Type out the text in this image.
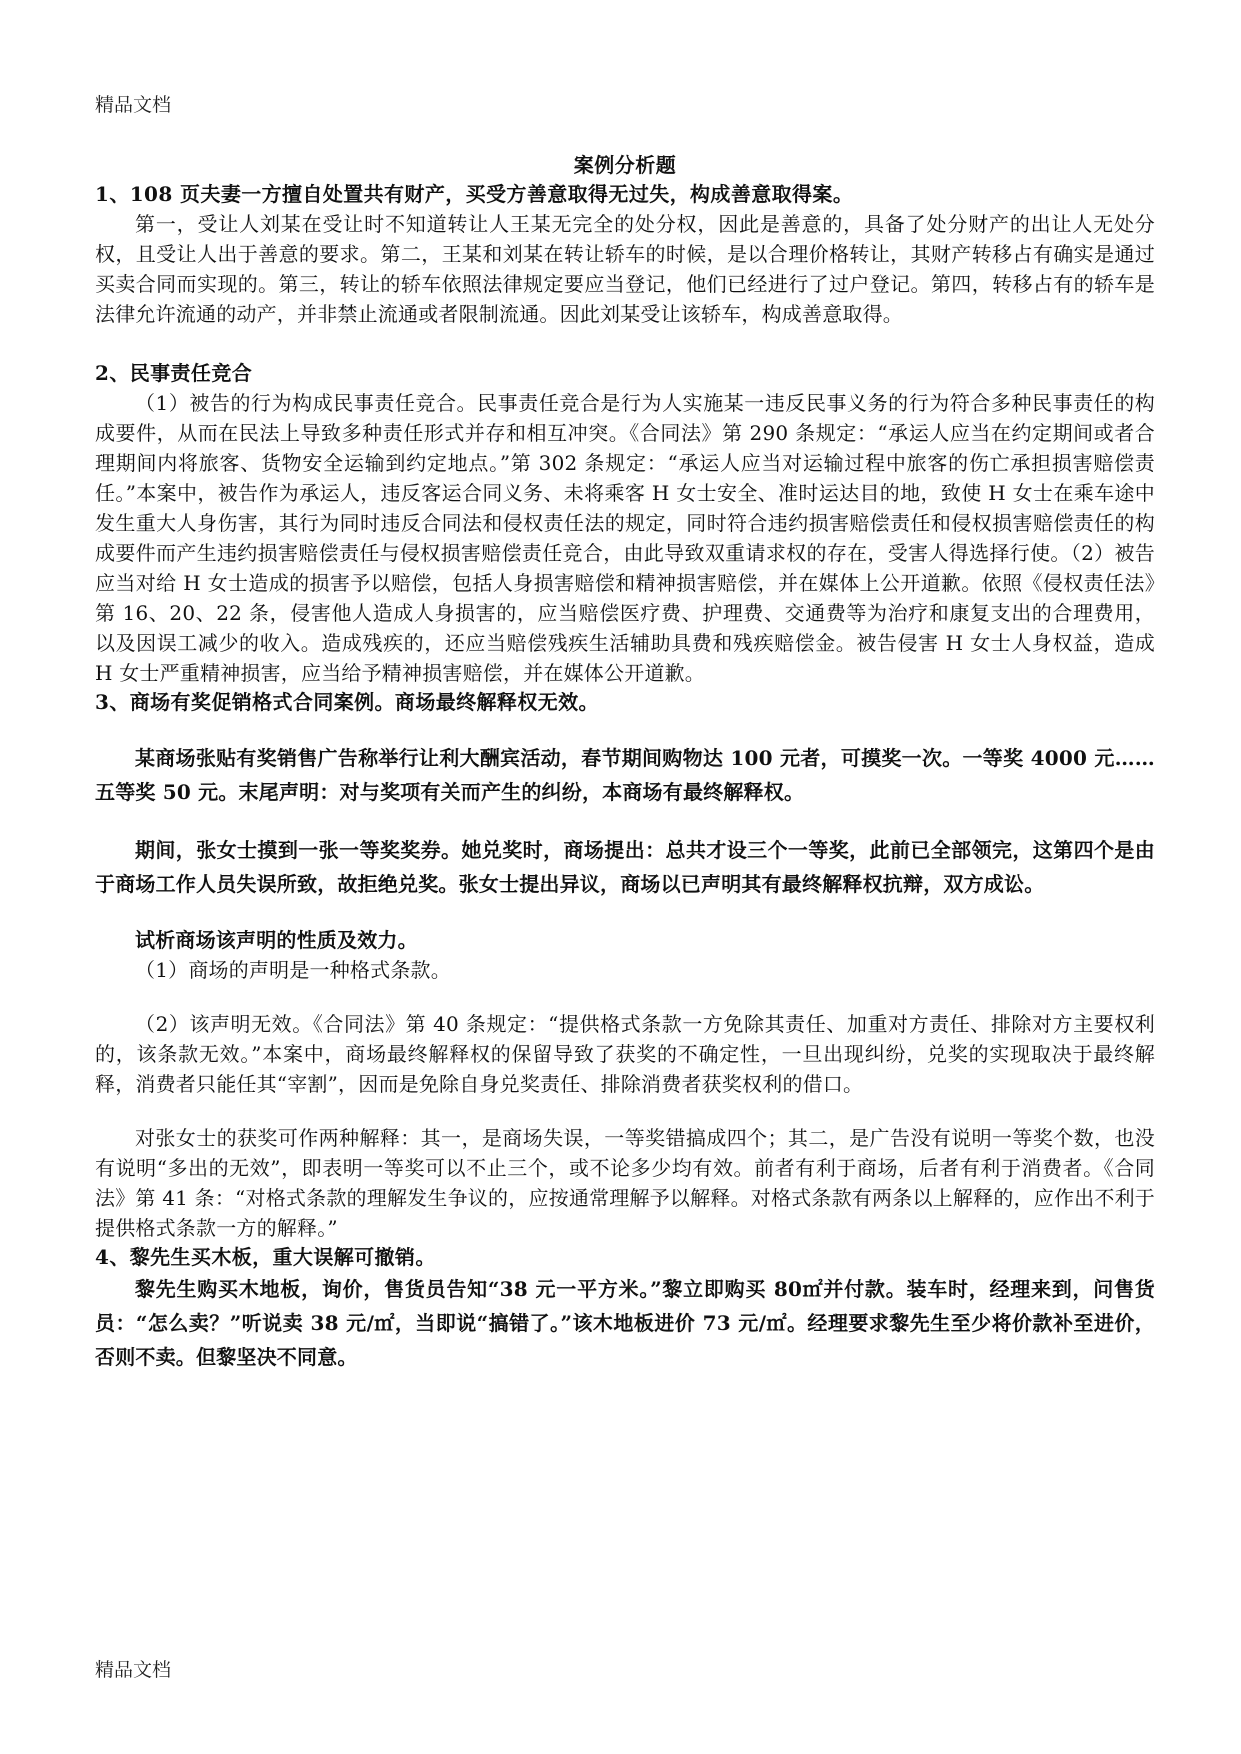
精品文档
案例分析题
1、108 页夫妻一方擅自处置共有财产，买受方善意取得无过失，构成善意取得案。
第一，受让人刘某在受让时不知道转让人王某无完全的处分权，因此是善意的，具备了处分财产的出让人无处分权，且受让人出于善意的要求。第二，王某和刘某在转让轿车的时候，是以合理价格转让，其财产转移占有确实是通过买卖合同而实现的。第三，转让的轿车依照法律规定要应当登记，他们已经进行了过户登记。第四，转移占有的轿车是法律允许流通的动产，并非禁止流通或者限制流通。因此刘某受让该轿车，构成善意取得。
2、民事责任竞合
（1）被告的行为构成民事责任竞合。民事责任竞合是行为人实施某一违反民事义务的行为符合多种民事责任的构成要件，从而在民法上导致多种责任形式并存和相互冲突。《合同法》第 290 条规定：“承运人应当在约定期间或者合理期间内将旅客、货物安全运输到约定地点。”第 302 条规定：“承运人应当对运输过程中旅客的伤亡承担损害赔偿责任。”本案中，被告作为承运人，违反客运合同义务、未将乘客 H 女士安全、准时运达目的地，致使 H 女士在乘车途中发生重大人身伤害，其行为同时违反合同法和侵权责任法的规定，同时符合违约损害赔偿责任和侵权损害赔偿责任的构成要件而产生违约损害赔偿责任与侵权损害赔偿责任竞合，由此导致双重请求权的存在，受害人得选择行使。（2）被告应当对给 H 女士造成的损害予以赔偿，包括人身损害赔偿和精神损害赔偿，并在媒体上公开道歉。依照《侵权责任法》第 16、20、22 条，侵害他人造成人身损害的，应当赔偿医疗费、护理费、交通费等为治疗和康复支出的合理费用，以及因误工减少的收入。造成残疾的，还应当赔偿残疾生活辅助具费和残疾赔偿金。被告侵害 H 女士人身权益，造成 H 女士严重精神损害，应当给予精神损害赔偿，并在媒体公开道歉。
3、商场有奖促销格式合同案例。商场最终解释权无效。
某商场张贴有奖销售广告称举行让利大酬宾活动，春节期间购物达 100 元者，可摸奖一次。一等奖 4000 元……五等奖 50 元。末尾声明：对与奖项有关而产生的纠纷，本商场有最终解释权。
期间，张女士摸到一张一等奖奖券。她兑奖时，商场提出：总共才设三个一等奖，此前已全部领完，这第四个是由于商场工作人员失误所致，故拒绝兑奖。张女士提出异议，商场以已声明其有最终解释权抗辩，双方成讼。
试析商场该声明的性质及效力。
（1）商场的声明是一种格式条款。
（2）该声明无效。《合同法》第 40 条规定：“提供格式条款一方免除其责任、加重对方责任、排除对方主要权利的，该条款无效。”本案中，商场最终解释权的保留导致了获奖的不确定性，一旦出现纠纷，兑奖的实现取决于最终解释，消费者只能任其“宰割”，因而是免除自身兑奖责任、排除消费者获奖权利的借口。
对张女士的获奖可作两种解释：其一，是商场失误，一等奖错搞成四个；其二，是广告没有说明一等奖个数，也没有说明“多出的无效”，即表明一等奖可以不止三个，或不论多少均有效。前者有利于商场，后者有利于消费者。《合同法》第 41 条：“对格式条款的理解发生争议的，应按通常理解予以解释。对格式条款有两条以上解释的，应作出不利于提供格式条款一方的解释。”
4、黎先生买木板，重大误解可撤销。
黎先生购买木地板，询价，售货员告知“38 元一平方米。”黎立即购买 80㎡并付款。装车时，经理来到，问售货员：“怎么卖？”听说卖 38 元/㎡，当即说“搞错了。”该木地板进价 73 元/㎡。经理要求黎先生至少将价款补至进价，否则不卖。但黎坚决不同意。
精品文档
